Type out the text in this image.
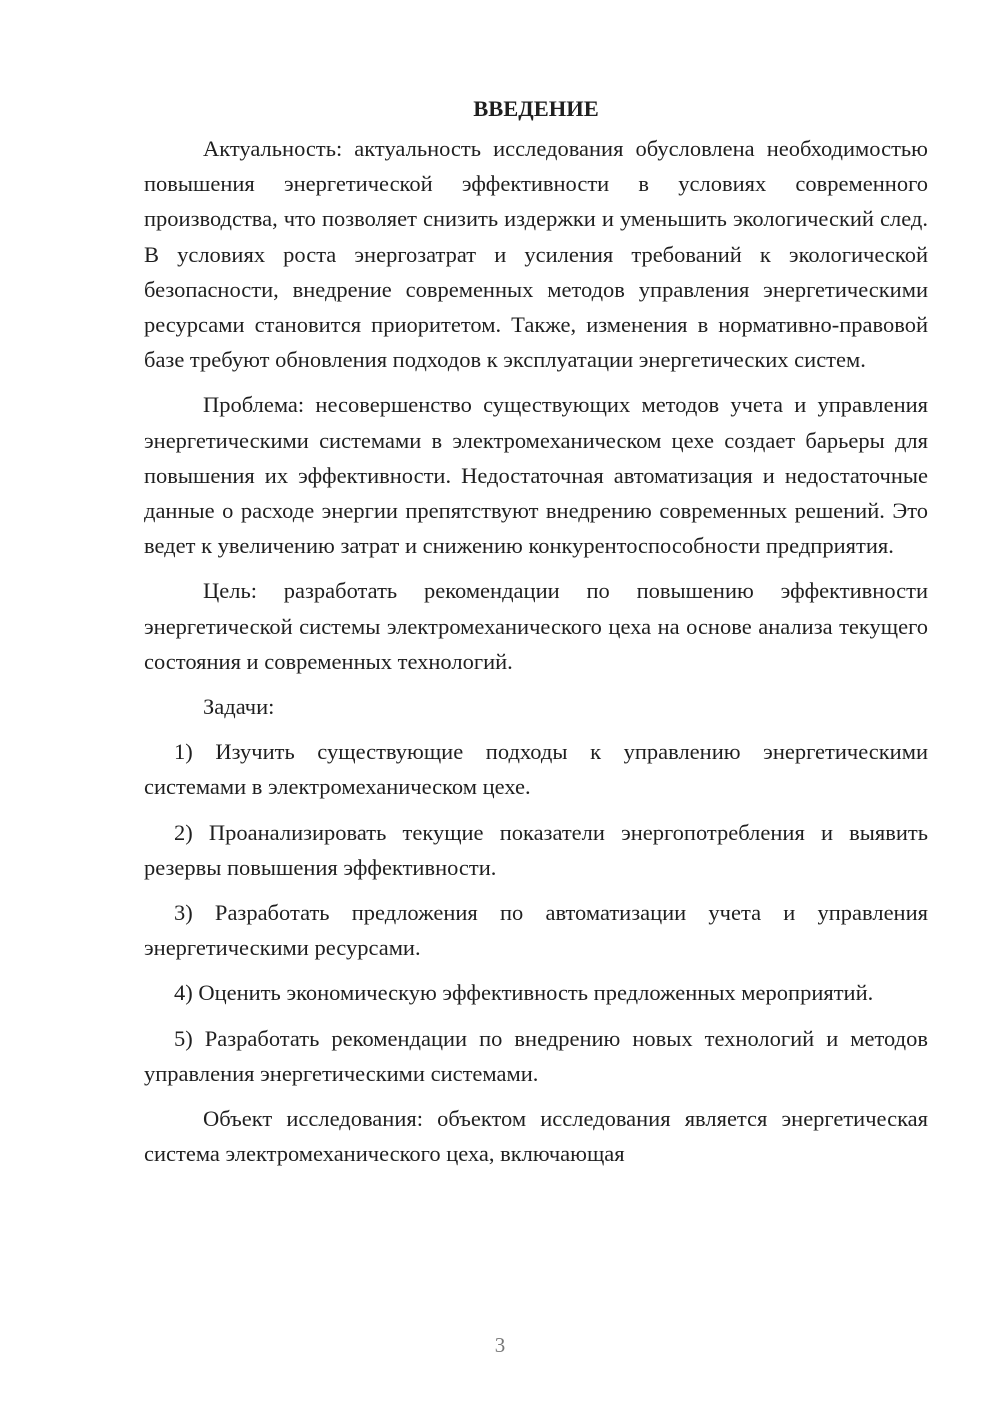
ВВЕДЕНИЕ

Актуальность: актуальность исследования обусловлена необходимостью повышения энергетической эффективности в условиях современного производства, что позволяет снизить издержки и уменьшить экологический след. В условиях роста энергозатрат и усиления требований к экологической безопасности, внедрение современных методов управления энергетическими ресурсами становится приоритетом. Также, изменения в нормативно-правовой базе требуют обновления подходов к эксплуатации энергетических систем.

Проблема: несовершенство существующих методов учета и управления энергетическими системами в электромеханическом цехе создает барьеры для повышения их эффективности. Недостаточная автоматизация и недостаточные данные о расходе энергии препятствуют внедрению современных решений. Это ведет к увеличению затрат и снижению конкурентоспособности предприятия.

Цель: разработать рекомендации по повышению эффективности энергетической системы электромеханического цеха на основе анализа текущего состояния и современных технологий.

Задачи:

1) Изучить существующие подходы к управлению энергетическими системами в электромеханическом цехе.

2) Проанализировать текущие показатели энергопотребления и выявить резервы повышения эффективности.

3) Разработать предложения по автоматизации учета и управления энергетическими ресурсами.

4) Оценить экономическую эффективность предложенных мероприятий.

5) Разработать рекомендации по внедрению новых технологий и методов управления энергетическими системами.

Объект исследования: объектом исследования является энергетическая система электромеханического цеха, включающая

3
